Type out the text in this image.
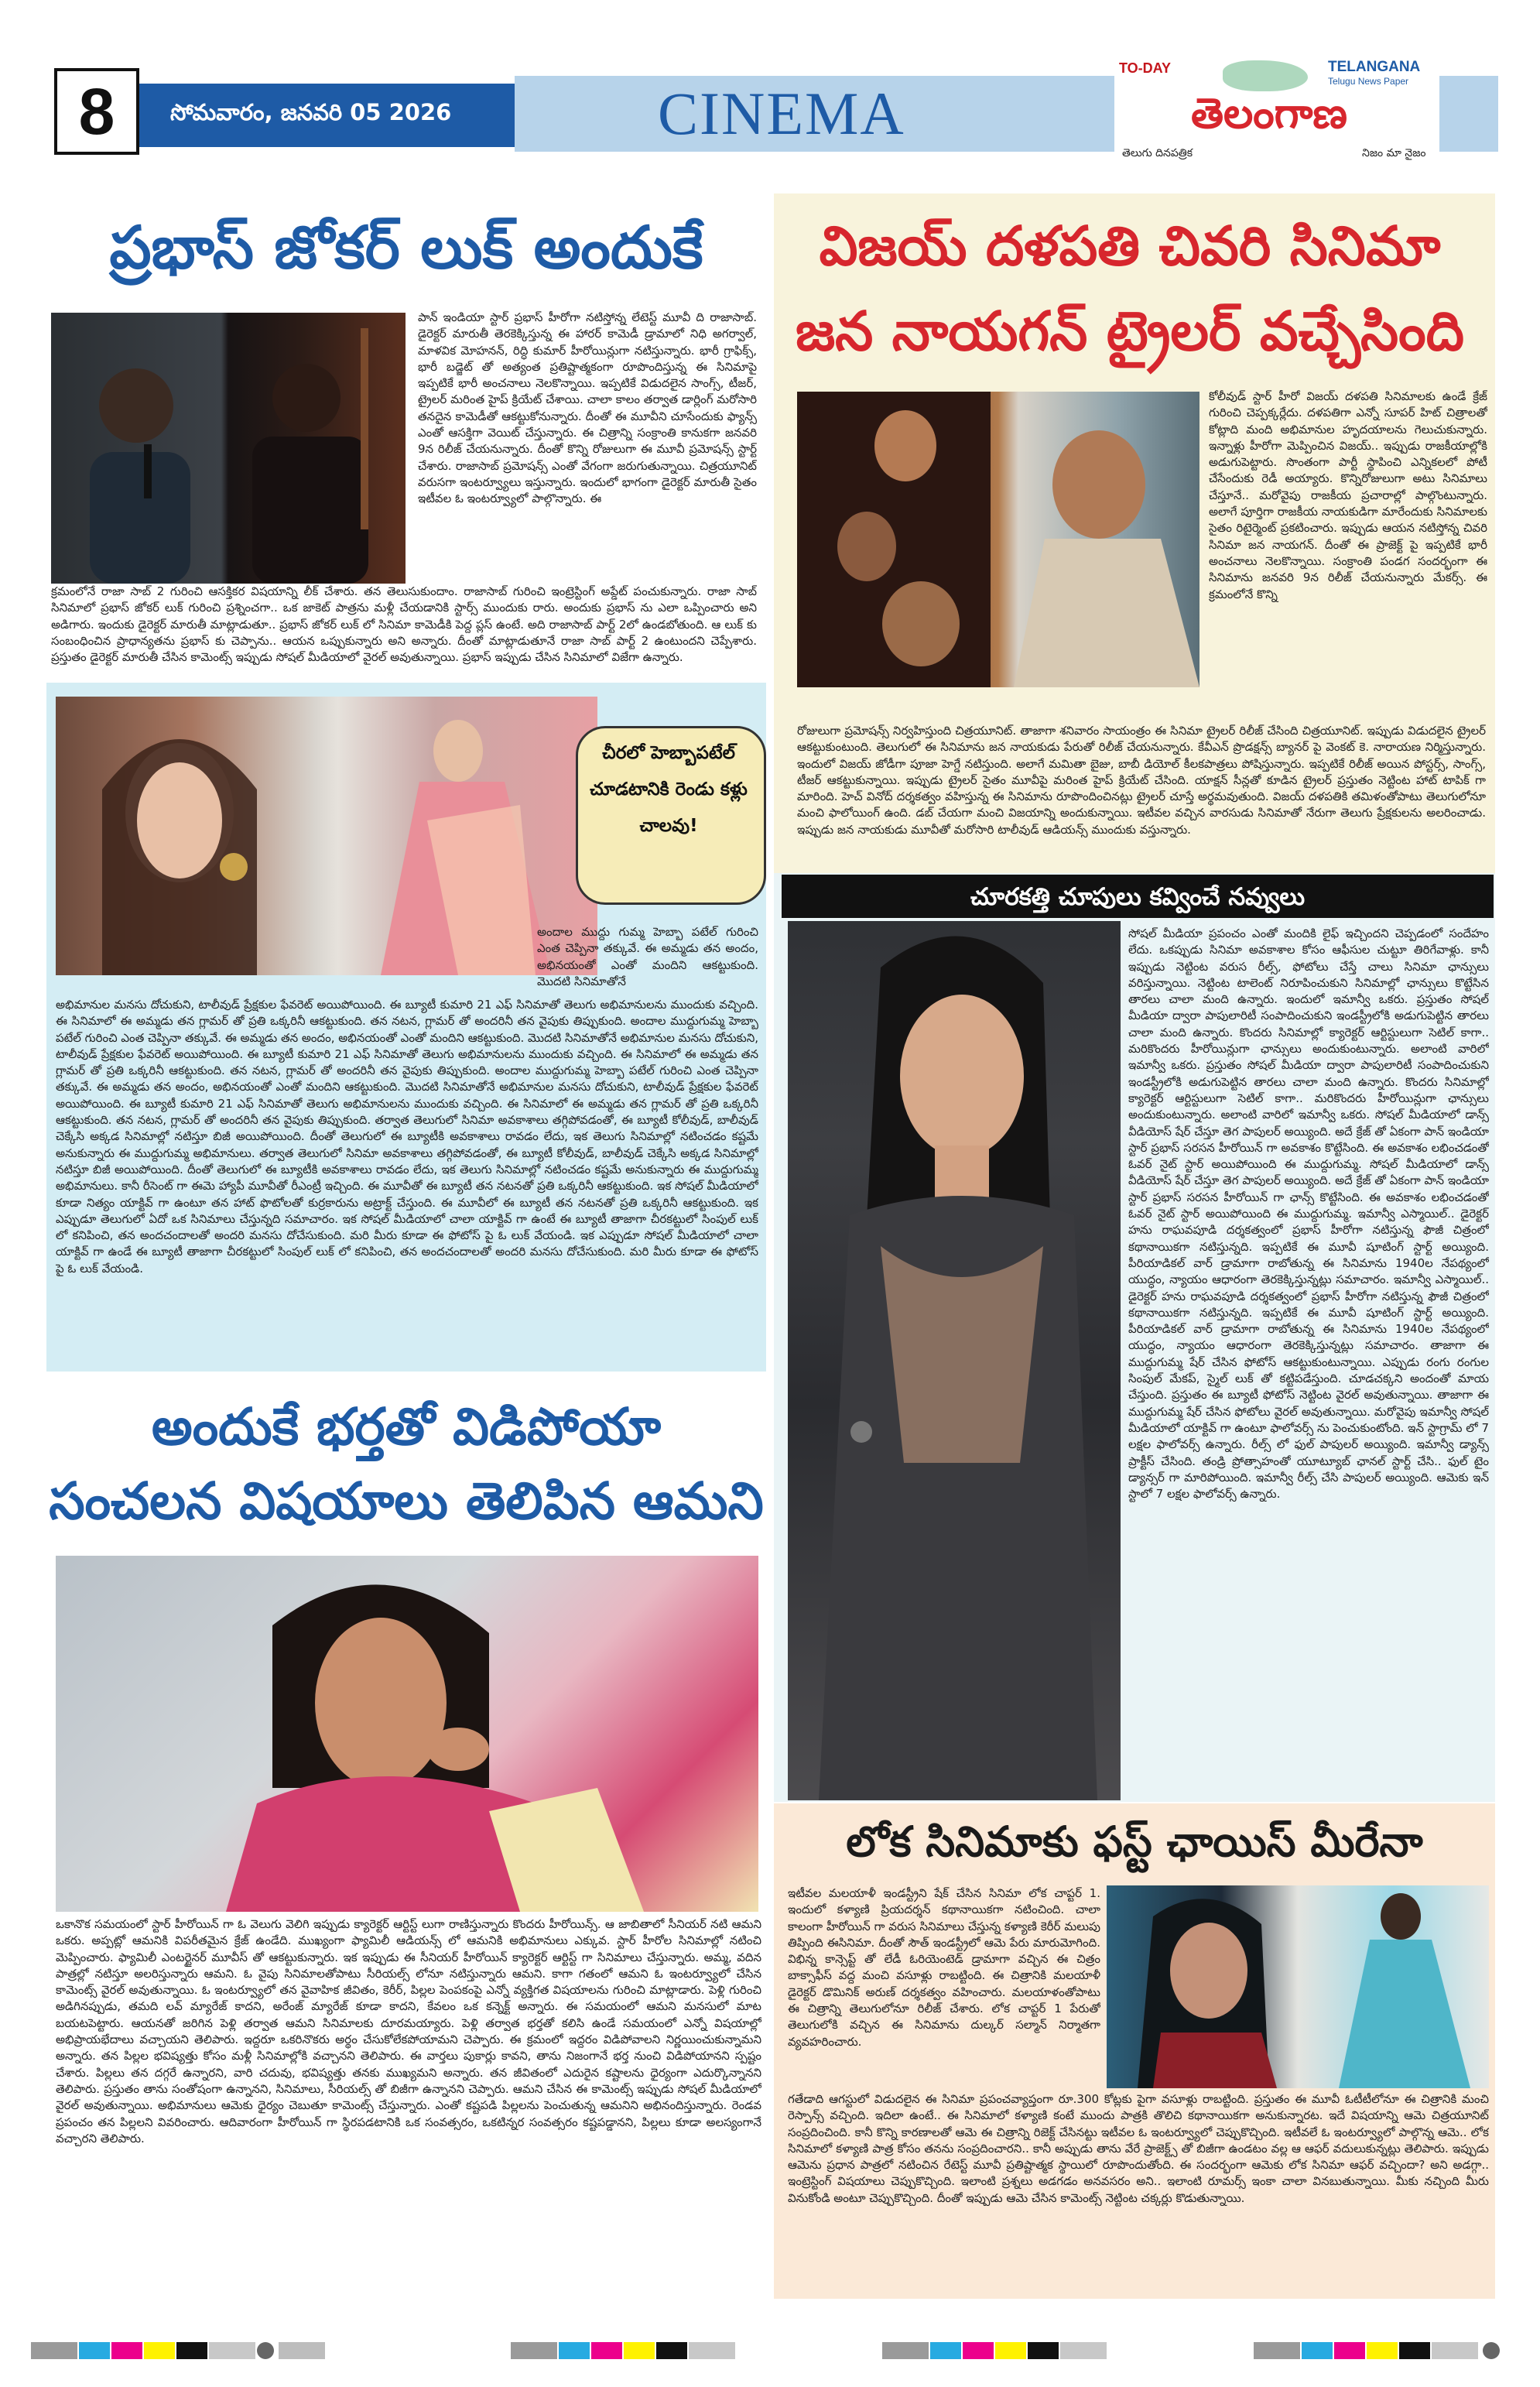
8	సోమవారం, జనవరి 05 2026	CINEMA
TO-DAY	TELANGANA
Telugu News Paper
తెలంగాణ
తెలుగు దినపత్రిక	నిజం మా నైజం
ప్రభాస్ జోకర్ లుక్ అందుకే
పాన్ ఇండియా స్టార్ ప్రభాస్ హీరోగా నటిస్తోన్న లేటెస్ట్ మూవీ ది రాజాసాబ్. డైరెక్టర్ మారుతీ తెరకెక్కిస్తున్న ఈ హారర్ కామెడీ డ్రామాలో నిధి అగర్వాల్, మాళవిక మోహనన్, రిద్ధి కుమార్ హీరోయిన్లుగా నటిస్తున్నారు. భారీ గ్రాఫిక్స్, భారీ బడ్జెట్ తో అత్యంత ప్రతిష్టాత్మకంగా రూపొందిస్తున్న ఈ సినిమాపై ఇప్పటికే భారీ అంచనాలు నెలకొన్నాయి. ఇప్పటికే విడుదలైన సాంగ్స్, టీజర్, ట్రైలర్ మరింత హైప్ క్రియేట్ చేశాయి. చాలా కాలం తర్వాత డార్లింగ్ మరోసారి తనదైన కామెడీతో ఆకట్టుకోనున్నారు. దీంతో ఈ మూవీని చూసేందుకు ఫ్యాన్స్ ఎంతో ఆసక్తిగా వెయిట్ చేస్తున్నారు. ఈ చిత్రాన్ని సంక్రాంతి కానుకగా జనవరి 9న రిలీజ్ చేయనున్నారు. దీంతో కొన్ని రోజులుగా ఈ మూవీ ప్రమోషన్స్ స్టార్ట్ చేశారు. రాజాసాబ్ ప్రమోషన్స్ ఎంతో వేగంగా జరుగుతున్నాయి. చిత్రయూనిట్ వరుసగా ఇంటర్వ్యూలు ఇస్తున్నారు. ఇందులో భాగంగా డైరెక్టర్ మారుతీ సైతం ఇటీవల ఓ ఇంటర్వ్యూలో పాల్గొన్నారు. ఈ
క్రమంలోనే రాజా సాబ్ 2 గురించి ఆసక్తికర విషయాన్ని లీక్ చేశారు. తన తెలుసుకుందాం. రాజాసాబ్ గురించి ఇంట్రెస్టింగ్ అప్డేట్ పంచుకున్నారు. రాజా సాబ్ సినిమాలో ప్రభాస్ జోకర్ లుక్ గురించి ప్రశ్నించగా.. ఒక జాకెట్ పాత్రను మళ్లీ చేయడానికి స్టార్స్ ముందుకు రారు. అందుకు ప్రభాస్ ను ఎలా ఒప్పించారు అని అడిగారు. ఇందుకు డైరెక్టర్ మారుతీ మాట్లాడుతూ.. ప్రభాస్ జోకర్ లుక్ లో సినిమా కామెడీకి పెద్ద ప్లస్ ఉంటే. అది రాజాసాబ్ పార్ట్ 2లో ఉండబోతుంది. ఆ లుక్ కు సంబంధించిన ప్రాధాన్యతను ప్రభాస్ కు చెప్పాను.. ఆయన ఒప్పుకున్నారు అని అన్నారు. దీంతో మాట్లాడుతూనే రాజా సాబ్ పార్ట్ 2 ఉంటుందని చెప్పేశారు. ప్రస్తుతం డైరెక్టర్ మారుతీ చేసిన కామెంట్స్ ఇప్పుడు సోషల్ మీడియాలో వైరల్ అవుతున్నాయి. ప్రభాస్ ఇప్పుడు చేసిన సినిమాలో విజేగా ఉన్నారు.
చీరలో హెబ్బాపటేల్ చూడటానికి రెండు కళ్లు చాలవు!
అందాల ముద్దు గుమ్మ హెబ్బా పటేల్ గురించి ఎంత చెప్పినా తక్కువే. ఈ అమ్మడు తన అందం, అభినయంతో ఎంతో మందిని ఆకట్టుకుంది. మొదటి సినిమాతోనే
అభిమానుల మనసు దోచుకుని, టాలీవుడ్ ప్రేక్షకుల ఫేవరెట్ అయిపోయింది. ఈ బ్యూటీ కుమారి 21 ఎఫ్ సినిమాతో తెలుగు అభిమానులను ముందుకు వచ్చింది. ఈ సినిమాలో ఈ అమ్మడు తన గ్లామర్ తో ప్రతి ఒక్కరినీ ఆకట్టుకుంది. తన నటన, గ్లామర్ తో అందరినీ తన వైపుకు తిప్పుకుంది. అందాల ముద్దుగుమ్మ హెబ్బా పటేల్ గురించి ఎంత చెప్పినా తక్కువే. ఈ అమ్మడు తన అందం, అభినయంతో ఎంతో మందిని ఆకట్టుకుంది. మొదటి సినిమాతోనే అభిమానుల మనసు దోచుకుని, టాలీవుడ్ ప్రేక్షకుల ఫేవరెట్ అయిపోయింది. ఈ బ్యూటీ కుమారి 21 ఎఫ్ సినిమాతో తెలుగు అభిమానులను ముందుకు వచ్చింది. ఈ సినిమాలో ఈ అమ్మడు తన గ్లామర్ తో ప్రతి ఒక్కరినీ ఆకట్టుకుంది. తన నటన, గ్లామర్ తో అందరినీ తన వైపుకు తిప్పుకుంది. అందాల ముద్దుగుమ్మ హెబ్బా పటేల్ గురించి ఎంత చెప్పినా తక్కువే. ఈ అమ్మడు తన అందం, అభినయంతో ఎంతో మందిని ఆకట్టుకుంది. మొదటి సినిమాతోనే అభిమానుల మనసు దోచుకుని, టాలీవుడ్ ప్రేక్షకుల ఫేవరెట్ అయిపోయింది. ఈ బ్యూటీ కుమారి 21 ఎఫ్ సినిమాతో తెలుగు అభిమానులను ముందుకు వచ్చింది. ఈ సినిమాలో ఈ అమ్మడు తన గ్లామర్ తో ప్రతి ఒక్కరినీ ఆకట్టుకుంది. తన నటన, గ్లామర్ తో అందరినీ తన వైపుకు తిప్పుకుంది. తర్వాత తెలుగులో సినిమా అవకాశాలు తగ్గిపోవడంతో, ఈ బ్యూటీ కోలీవుడ్, బాలీవుడ్ చెక్కేసి అక్కడ సినిమాల్లో నటిస్తూ బిజీ అయిపోయింది. దీంతో తెలుగులో ఈ బ్యూటీకి అవకాశాలు రావడం లేదు, ఇక తెలుగు సినిమాల్లో నటించడం కష్టమే అనుకున్నారు ఈ ముద్దుగుమ్మ అభిమానులు. తర్వాత తెలుగులో సినిమా అవకాశాలు తగ్గిపోవడంతో, ఈ బ్యూటీ కోలీవుడ్, బాలీవుడ్ చెక్కేసి అక్కడ సినిమాల్లో నటిస్తూ బిజీ అయిపోయింది. దీంతో తెలుగులో ఈ బ్యూటీకి అవకాశాలు రావడం లేదు, ఇక తెలుగు సినిమాల్లో నటించడం కష్టమే అనుకున్నారు ఈ ముద్దుగుమ్మ అభిమానులు. కానీ రీసెంట్ గా ఈమె హ్యాపీ మూవీతో రీఎంట్రీ ఇచ్చింది. ఈ మూవీతో ఈ బ్యూటీ తన నటనతో ప్రతి ఒక్కరినీ ఆకట్టుకుంది. ఇక సోషల్ మీడియాలో కూడా నిత్యం యాక్టివ్ గా ఉంటూ తన హాట్ ఫొటోలతో కుర్రకారును అట్రాక్ట్ చేస్తుంది. ఈ మూవీలో ఈ బ్యూటీ తన నటనతో ప్రతి ఒక్కరినీ ఆకట్టుకుంది. ఇక ఎప్పుడూ తెలుగులో ఏదో ఒక సినిమాలు చేస్తున్నది సమాచారం. ఇక సోషల్ మీడియాలో చాలా యాక్టివ్ గా ఉంటే ఈ బ్యూటీ తాజాగా చీరకట్టులో సింపుల్ లుక్ లో కనిపించి, తన అందచందాలతో అందరి మనసు దోచేసుకుంది. మరి మీరు కూడా ఈ ఫోటోస్ పై ఓ లుక్ వేయండి. ఇక ఎప్పుడూ సోషల్ మీడియాలో చాలా యాక్టివ్ గా ఉండే ఈ బ్యూటీ తాజాగా చీరకట్టులో సింపుల్ లుక్ లో కనిపించి, తన అందచందాలతో అందరి మనసు దోచేసుకుంది. మరి మీరు కూడా ఈ ఫోటోస్ పై ఓ లుక్ వేయండి.
అందుకే భర్తతో విడిపోయా
సంచలన విషయాలు తెలిపిన ఆమని
ఒకానొక సమయంలో స్టార్ హీరోయిన్ గా ఓ వెలుగు వెలిగి ఇప్పుడు క్యారెక్టర్ ఆర్టిస్ట్ లుగా రాణిస్తున్నారు కొందరు హీరోయిన్స్. ఆ జాబితాలో సీనియర్ నటి ఆమని ఒకరు. అప్పట్లో ఆమనికి విపరీతమైన క్రేజ్ ఉండేది. ముఖ్యంగా ఫ్యామిలీ ఆడియన్స్ లో ఆమనికి అభిమానులు ఎక్కువ. స్టార్ హీరోల సినిమాల్లో నటించి మెప్పించారు. ఫ్యామిలీ ఎంటర్టైనర్ మూవీస్ తో ఆకట్టుకున్నారు. ఇక ఇప్పుడు ఈ సీనియర్ హీరోయిన్ క్యారెక్టర్ ఆర్టిస్ట్ గా సినిమాలు చేస్తున్నారు. అమ్మ, వదిన పాత్రల్లో నటిస్తూ అలరిస్తున్నారు ఆమని. ఓ వైపు సినిమాలతోపాటు సీరియల్స్ లోనూ నటిస్తున్నారు ఆమని. కాగా గతంలో ఆమని ఓ ఇంటర్వ్యూలో చేసిన కామెంట్స్ వైరల్ అవుతున్నాయి. ఓ ఇంటర్వ్యూలో తన వైవాహిక జీవితం, కెరీర్, పిల్లల పెంపకంపై ఎన్నో వ్యక్తిగత విషయాలను గురించి మాట్లాడారు. పెళ్లి గురించి అడిగినప్పుడు, తమది లవ్ మ్యారేజ్ కాదని, అరేంజ్ మ్యారేజ్ కూడా కాదని, కేవలం ఒక కన్నెక్ట్ అన్నారు. ఈ సమయంలో ఆమని మనసులో మాట బయటపెట్టారు. ఆయనతో జరిగిన పెళ్లి తర్వాత ఆమని సినిమాలకు దూరమయ్యారు. పెళ్లి తర్వాత భర్తతో కలిసి ఉండే సమయంలో ఎన్నో విషయాల్లో అభిప్రాయభేదాలు వచ్చాయని తెలిపారు. ఇద్దరూ ఒకరినొకరు అర్థం చేసుకోలేకపోయామని చెప్పారు. ఈ క్రమంలో ఇద్దరం విడిపోవాలని నిర్ణయించుకున్నామని అన్నారు. తన పిల్లల భవిష్యత్తు కోసం మళ్లీ సినిమాల్లోకి వచ్చానని తెలిపారు. ఈ వార్తలు పుకార్లు కావని, తాను నిజంగానే భర్త నుంచి విడిపోయానని స్పష్టం చేశారు. పిల్లలు తన దగ్గరే ఉన్నారని, వారి చదువు, భవిష్యత్తు తనకు ముఖ్యమని అన్నారు. తన జీవితంలో ఎదురైన కష్టాలను ధైర్యంగా ఎదుర్కొన్నానని తెలిపారు. ప్రస్తుతం తాను సంతోషంగా ఉన్నానని, సినిమాలు, సీరియల్స్ తో బిజీగా ఉన్నానని చెప్పారు. ఆమని చేసిన ఈ కామెంట్స్ ఇప్పుడు సోషల్ మీడియాలో వైరల్ అవుతున్నాయి. అభిమానులు ఆమెకు ధైర్యం చెబుతూ కామెంట్స్ చేస్తున్నారు. ఎంతో కష్టపడి పిల్లలను పెంచుతున్న ఆమనిని అభినందిస్తున్నారు. రెండవ ప్రపంచం తన పిల్లలని వివరించారు. ఆదివారంగా హీరోయిన్ గా స్థిరపడటానికి ఒక సంవత్సరం, ఒకటిన్నర సంవత్సరం కష్టపడ్డానని, పిల్లలు కూడా అలస్యంగానే వచ్చారని తెలిపారు.
విజయ్ దళపతి చివరి సినిమా
జన నాయగన్ ట్రైలర్ వచ్చేసింది
కోలీవుడ్ స్టార్ హీరో విజయ్ దళపతి సినిమాలకు ఉండే క్రేజ్ గురించి చెప్పక్కర్లేదు. దళపతిగా ఎన్నో సూపర్ హిట్ చిత్రాలతో కోట్లాది మంది అభిమానుల హృదయాలను గెలుచుకున్నారు. ఇన్నాళ్లు హీరోగా మెప్పించిన విజయ్.. ఇప్పుడు రాజకీయాల్లోకి అడుగుపెట్టారు. సొంతంగా పార్టీ స్థాపించి ఎన్నికలలో పోటీ చేసేందుకు రెడీ అయ్యారు. కొన్నిరోజులుగా అటు సినిమాలు చేస్తూనే.. మరోవైపు రాజకీయ ప్రచారాల్లో పాల్గొంటున్నారు. అలాగే పూర్తిగా రాజకీయ నాయకుడిగా మారేందుకు సినిమాలకు సైతం రిటైర్మెంట్ ప్రకటించారు. ఇప్పుడు ఆయన నటిస్తోన్న చివరి సినిమా జన నాయగన్. దీంతో ఈ ప్రాజెక్ట్ పై ఇప్పటికే భారీ అంచనాలు నెలకొన్నాయి. సంక్రాంతి పండగ సందర్భంగా ఈ సినిమాను జనవరి 9న రిలీజ్ చేయనున్నారు మేకర్స్. ఈ క్రమంలోనే కొన్ని
రోజులుగా ప్రమోషన్స్ నిర్వహిస్తుంది చిత్రయూనిట్. తాజాగా శనివారం సాయంత్రం ఈ సినిమా ట్రైలర్ రిలీజ్ చేసింది చిత్రయూనిట్. ఇప్పుడు విడుదలైన ట్రైలర్ ఆకట్టుకుంటుంది. తెలుగులో ఈ సినిమాను జన నాయకుడు పేరుతో రిలీజ్ చేయనున్నారు. కేవీఎన్ ప్రొడక్షన్స్ బ్యానర్ పై వెంకట్ కె. నారాయణ నిర్మిస్తున్నారు. ఇందులో విజయ్ జోడీగా పూజా హెగ్డే నటిస్తుంది. అలాగే మమితా బైజు, బాబీ డియోల్ కీలకపాత్రలు పోషిస్తున్నారు. ఇప్పటికే రిలీజ్ అయిన పోస్టర్స్, సాంగ్స్, టీజర్ ఆకట్టుకున్నాయి. ఇప్పుడు ట్రైలర్ సైతం మూవీపై మరింత హైప్ క్రియేట్ చేసింది. యాక్షన్ సీన్లతో కూడిన ట్రైలర్ ప్రస్తుతం నెట్టింట హాట్ టాపిక్ గా మారింది. హెచ్ వినోద్ దర్శకత్వం వహిస్తున్న ఈ సినిమాను రూపొందించినట్లు ట్రైలర్ చూస్తే అర్థమవుతుంది. విజయ్ దళపతికి తమిళంతోపాటు తెలుగులోనూ మంచి ఫాలోయింగ్ ఉంది. డబ్ చేయగా మంచి విజయాన్ని అందుకున్నాయి. ఇటీవల వచ్చిన వారసుడు సినిమాతో నేరుగా తెలుగు ప్రేక్షకులను అలరించాడు. ఇప్పుడు జన నాయకుడు మూవీతో మరోసారి టాలీవుడ్ ఆడియన్స్ ముందుకు వస్తున్నారు.
చూరకత్తి చూపులు కవ్వించే నవ్వులు
సోషల్ మీడియా ప్రపంచం ఎంతో మందికి లైఫ్ ఇచ్చిందని చెప్పడంలో సందేహం లేదు. ఒకప్పుడు సినిమా అవకాశాల కోసం ఆఫీసుల చుట్టూ తిరిగేవాళ్లు. కానీ ఇప్పుడు నెట్టింట వరుస రీల్స్, ఫోటోలు చేస్తే చాలు సినిమా ఛాన్సులు వరిస్తున్నాయి. నెట్టింట టాలెంట్ నిరూపించుకుని సినిమాల్లో ఛాన్సులు కొట్టేసిన తారలు చాలా మంది ఉన్నారు. ఇందులో ఇమాన్వీ ఒకరు. ప్రస్తుతం సోషల్ మీడియా ద్వారా పాపులారిటీ సంపాదించుకుని ఇండస్ట్రీలోకి అడుగుపెట్టిన తారలు చాలా మంది ఉన్నారు. కొందరు సినిమాల్లో క్యారెక్టర్ ఆర్టిస్టులుగా సెటిల్ కాగా.. మరికొందరు హీరోయిన్లుగా ఛాన్సులు అందుకుంటున్నారు. అలాంటి వారిలో ఇమాన్వీ ఒకరు. ప్రస్తుతం సోషల్ మీడియా ద్వారా పాపులారిటీ సంపాదించుకుని ఇండస్ట్రీలోకి అడుగుపెట్టిన తారలు చాలా మంది ఉన్నారు. కొందరు సినిమాల్లో క్యారెక్టర్ ఆర్టిస్టులుగా సెటిల్ కాగా.. మరికొందరు హీరోయిన్లుగా ఛాన్సులు అందుకుంటున్నారు. అలాంటి వారిలో ఇమాన్వీ ఒకరు. సోషల్ మీడియాలో డాన్స్ వీడియోస్ షేర్ చేస్తూ తెగ పాపులర్ అయ్యింది. అదే క్రేజ్ తో ఏకంగా పాన్ ఇండియా స్టార్ ప్రభాస్ సరసన హీరోయిన్ గా అవకాశం కొట్టేసింది. ఈ అవకాశం లభించడంతో ఓవర్ నైట్ స్టార్ అయిపోయింది ఈ ముద్దుగుమ్మ. సోషల్ మీడియాలో డాన్స్ వీడియోస్ షేర్ చేస్తూ తెగ పాపులర్ అయ్యింది. అదే క్రేజ్ తో ఏకంగా పాన్ ఇండియా స్టార్ ప్రభాస్ సరసన హీరోయిన్ గా ఛాన్స్ కొట్టేసింది. ఈ అవకాశం లభించడంతో ఓవర్ నైట్ స్టార్ అయిపోయింది ఈ ముద్దుగుమ్మ. ఇమాన్వీ ఎస్మాయిల్.. డైరెక్టర్ హను రాఘవపూడి దర్శకత్వంలో ప్రభాస్ హీరోగా నటిస్తున్న ఫౌజీ చిత్రంలో కథానాయికగా నటిస్తున్నది. ఇప్పటికే ఈ మూవీ షూటింగ్ స్టార్ట్ అయ్యింది. పీరియాడికల్ వార్ డ్రామాగా రాబోతున్న ఈ సినిమాను 1940ల నేపథ్యంలో యుద్ధం, న్యాయం ఆధారంగా తెరకెక్కిస్తున్నట్లు సమాచారం. ఇమాన్వీ ఎస్మాయిల్.. డైరెక్టర్ హను రాఘవపూడి దర్శకత్వంలో ప్రభాస్ హీరోగా నటిస్తున్న ఫౌజీ చిత్రంలో కథానాయికగా నటిస్తున్నది. ఇప్పటికే ఈ మూవీ షూటింగ్ స్టార్ట్ అయ్యింది. పీరియాడికల్ వార్ డ్రామాగా రాబోతున్న ఈ సినిమాను 1940ల నేపథ్యంలో యుద్ధం, న్యాయం ఆధారంగా తెరకెక్కిస్తున్నట్లు సమాచారం. తాజాగా ఈ ముద్దుగుమ్మ షేర్ చేసిన ఫోటోస్ ఆకట్టుకుంటున్నాయి. ఎప్పుడు రంగు రంగుల సింపుల్ మేకప్, స్మైల్ లుక్ తో కట్టిపడేస్తుంది. చూడచక్కని అందంతో మాయ చేస్తుంది. ప్రస్తుతం ఈ బ్యూటీ ఫోటోస్ నెట్టింట వైరల్ అవుతున్నాయి. తాజాగా ఈ ముద్దుగుమ్మ షేర్ చేసిన ఫోటోలు వైరల్ అవుతున్నాయి. మరోవైపు ఇమాన్వీ సోషల్ మీడియాలో యాక్టివ్ గా ఉంటూ ఫాలోవర్స్ ను పెంచుకుంటోంది. ఇన్ స్టాగ్రామ్ లో 7 లక్షల ఫాలోవర్స్ ఉన్నారు. రీల్స్ లో ఫుల్ పాపులర్ అయ్యింది. ఇమాన్వీ డ్యాన్స్ ప్రాక్టీస్ చేసింది. తండ్రి ప్రోత్సాహంతో యూట్యూబ్ ఛానల్ స్టార్ట్ చేసి.. ఫుల్ టైం డ్యాన్సర్ గా మారిపోయింది. ఇమాన్వీ రీల్స్ చేసి పాపులర్ అయ్యింది. ఆమెకు ఇన్ స్టాలో 7 లక్షల ఫాలోవర్స్ ఉన్నారు.
లోక సినిమాకు ఫస్ట్ ఛాయిస్ మీరేనా
ఇటీవల మలయాళీ ఇండస్ట్రీని షేక్ చేసిన సినిమా లోక చాప్టర్ 1. ఇందులో కళ్యాణి ప్రియదర్శన్ కథానాయికగా నటించింది. చాలా కాలంగా హీరోయిన్ గా వరుస సినిమాలు చేస్తున్న కళ్యాణి కెరీర్ మలుపు తిప్పింది ఈసినిమా. దీంతో సౌత్ ఇండస్ట్రీలో ఆమె పేరు మారుమోగింది. విభిన్న కాన్సెప్ట్ తో లేడీ ఓరియెంటెడ్ డ్రామాగా వచ్చిన ఈ చిత్రం బాక్సాఫీస్ వద్ద మంచి వసూళ్లు రాబట్టింది. ఈ చిత్రానికి మలయాళీ డైరెక్టర్ డొమినిక్ అరుణ్ దర్శకత్వం వహించారు. మలయాళంతోపాటు ఈ చిత్రాన్ని తెలుగులోనూ రిలీజ్ చేశారు. లోక చాప్టర్ 1 పేరుతో తెలుగులోకి వచ్చిన ఈ సినిమాను దుల్కర్ సల్మాన్ నిర్మాతగా వ్యవహరించారు.
గతేడాది ఆగస్టులో విడుదలైన ఈ సినిమా ప్రపంచవ్యాప్తంగా రూ.300 కోట్లకు పైగా వసూళ్లు రాబట్టింది. ప్రస్తుతం ఈ మూవీ ఓటీటీలోనూ ఈ చిత్రానికి మంచి రెస్పాన్స్ వచ్చింది. ఇదిలా ఉంటే.. ఈ సినిమాలో కళ్యాణి కంటే ముందు పాత్రకి తొలిచి కథానాయికగా అనుకున్నారట. ఇదే విషయాన్ని ఆమె చిత్రయూనిట్ సంప్రదించింది. కానీ కొన్ని కారణాలతో ఆమె ఈ చిత్రాన్ని రిజెక్ట్ చేసినట్టు ఇటీవల ఓ ఇంటర్వ్యూలో చెప్పుకొచ్చింది. ఇటీవలే ఓ ఇంటర్వ్యూలో పాల్గొన్న ఆమె.. లోక సినిమాలో కళ్యాణి పాత్ర కోసం తనను సంప్రదించారని.. కానీ అప్పుడు తాను వేరే ప్రాజెక్ట్స్ తో బిజీగా ఉండటం వల్ల ఆ ఆఫర్ వదులుకున్నట్లు తెలిపారు. ఇప్పుడు ఆమెను ప్రధాన పాత్రలో నటించిన రేటెస్ట్ మూవీ ప్రతిష్టాత్మక స్థాయిలో రూపొందుతోంది. ఈ సందర్భంగా ఆమెకు లోక సినిమా ఆఫర్ వచ్చిందా? అని అడగ్గా.. ఇంట్రెస్టింగ్ విషయాలు చెప్పుకొచ్చింది. ఇలాంటి ప్రశ్నలు అడగడం అనవసరం అని.. ఇలాంటి రూమర్స్ ఇంకా చాలా వినబుతున్నాయి. మీకు నచ్చింది మీరు వినుకోండి అంటూ చెప్పుకొచ్చింది. దీంతో ఇప్పుడు ఆమె చేసిన కామెంట్స్ నెట్టింట చక్కర్లు కొడుతున్నాయి.
